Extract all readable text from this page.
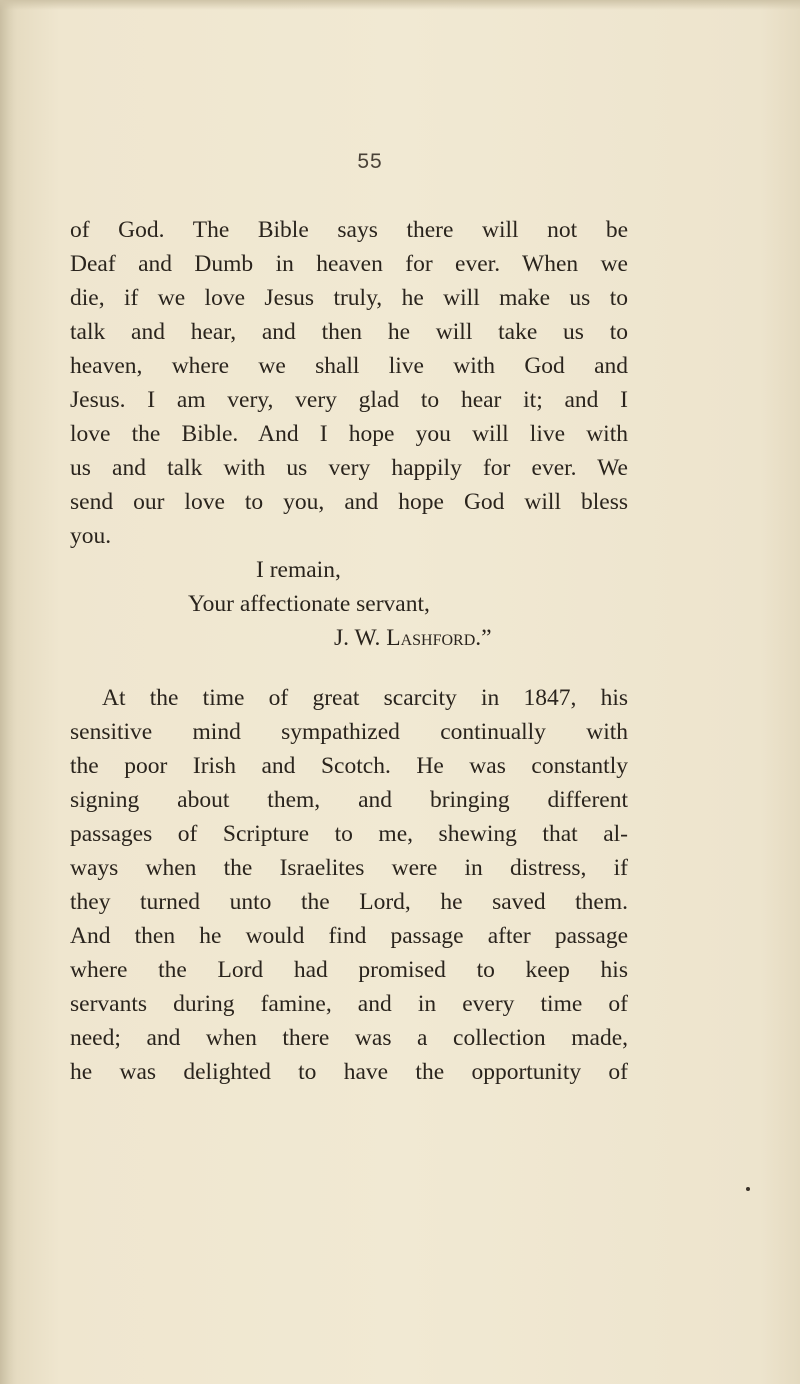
55
of God. The Bible says there will not be
Deaf and Dumb in heaven for ever. When we
die, if we love Jesus truly, he will make us to
talk and hear, and then he will take us to
heaven, where we shall live with God and
Jesus. I am very, very glad to hear it; and I
love the Bible. And I hope you will live with
us and talk with us very happily for ever. We
send our love to you, and hope God will bless
you.
I remain,
Your affectionate servant,
J. W. Lashford.”
At the time of great scarcity in 1847, his
sensitive mind sympathized continually with
the poor Irish and Scotch. He was constantly
signing about them, and bringing different
passages of Scripture to me, shewing that al-
ways when the Israelites were in distress, if
they turned unto the Lord, he saved them.
And then he would find passage after passage
where the Lord had promised to keep his
servants during famine, and in every time of
need; and when there was a collection made,
he was delighted to have the opportunity of
